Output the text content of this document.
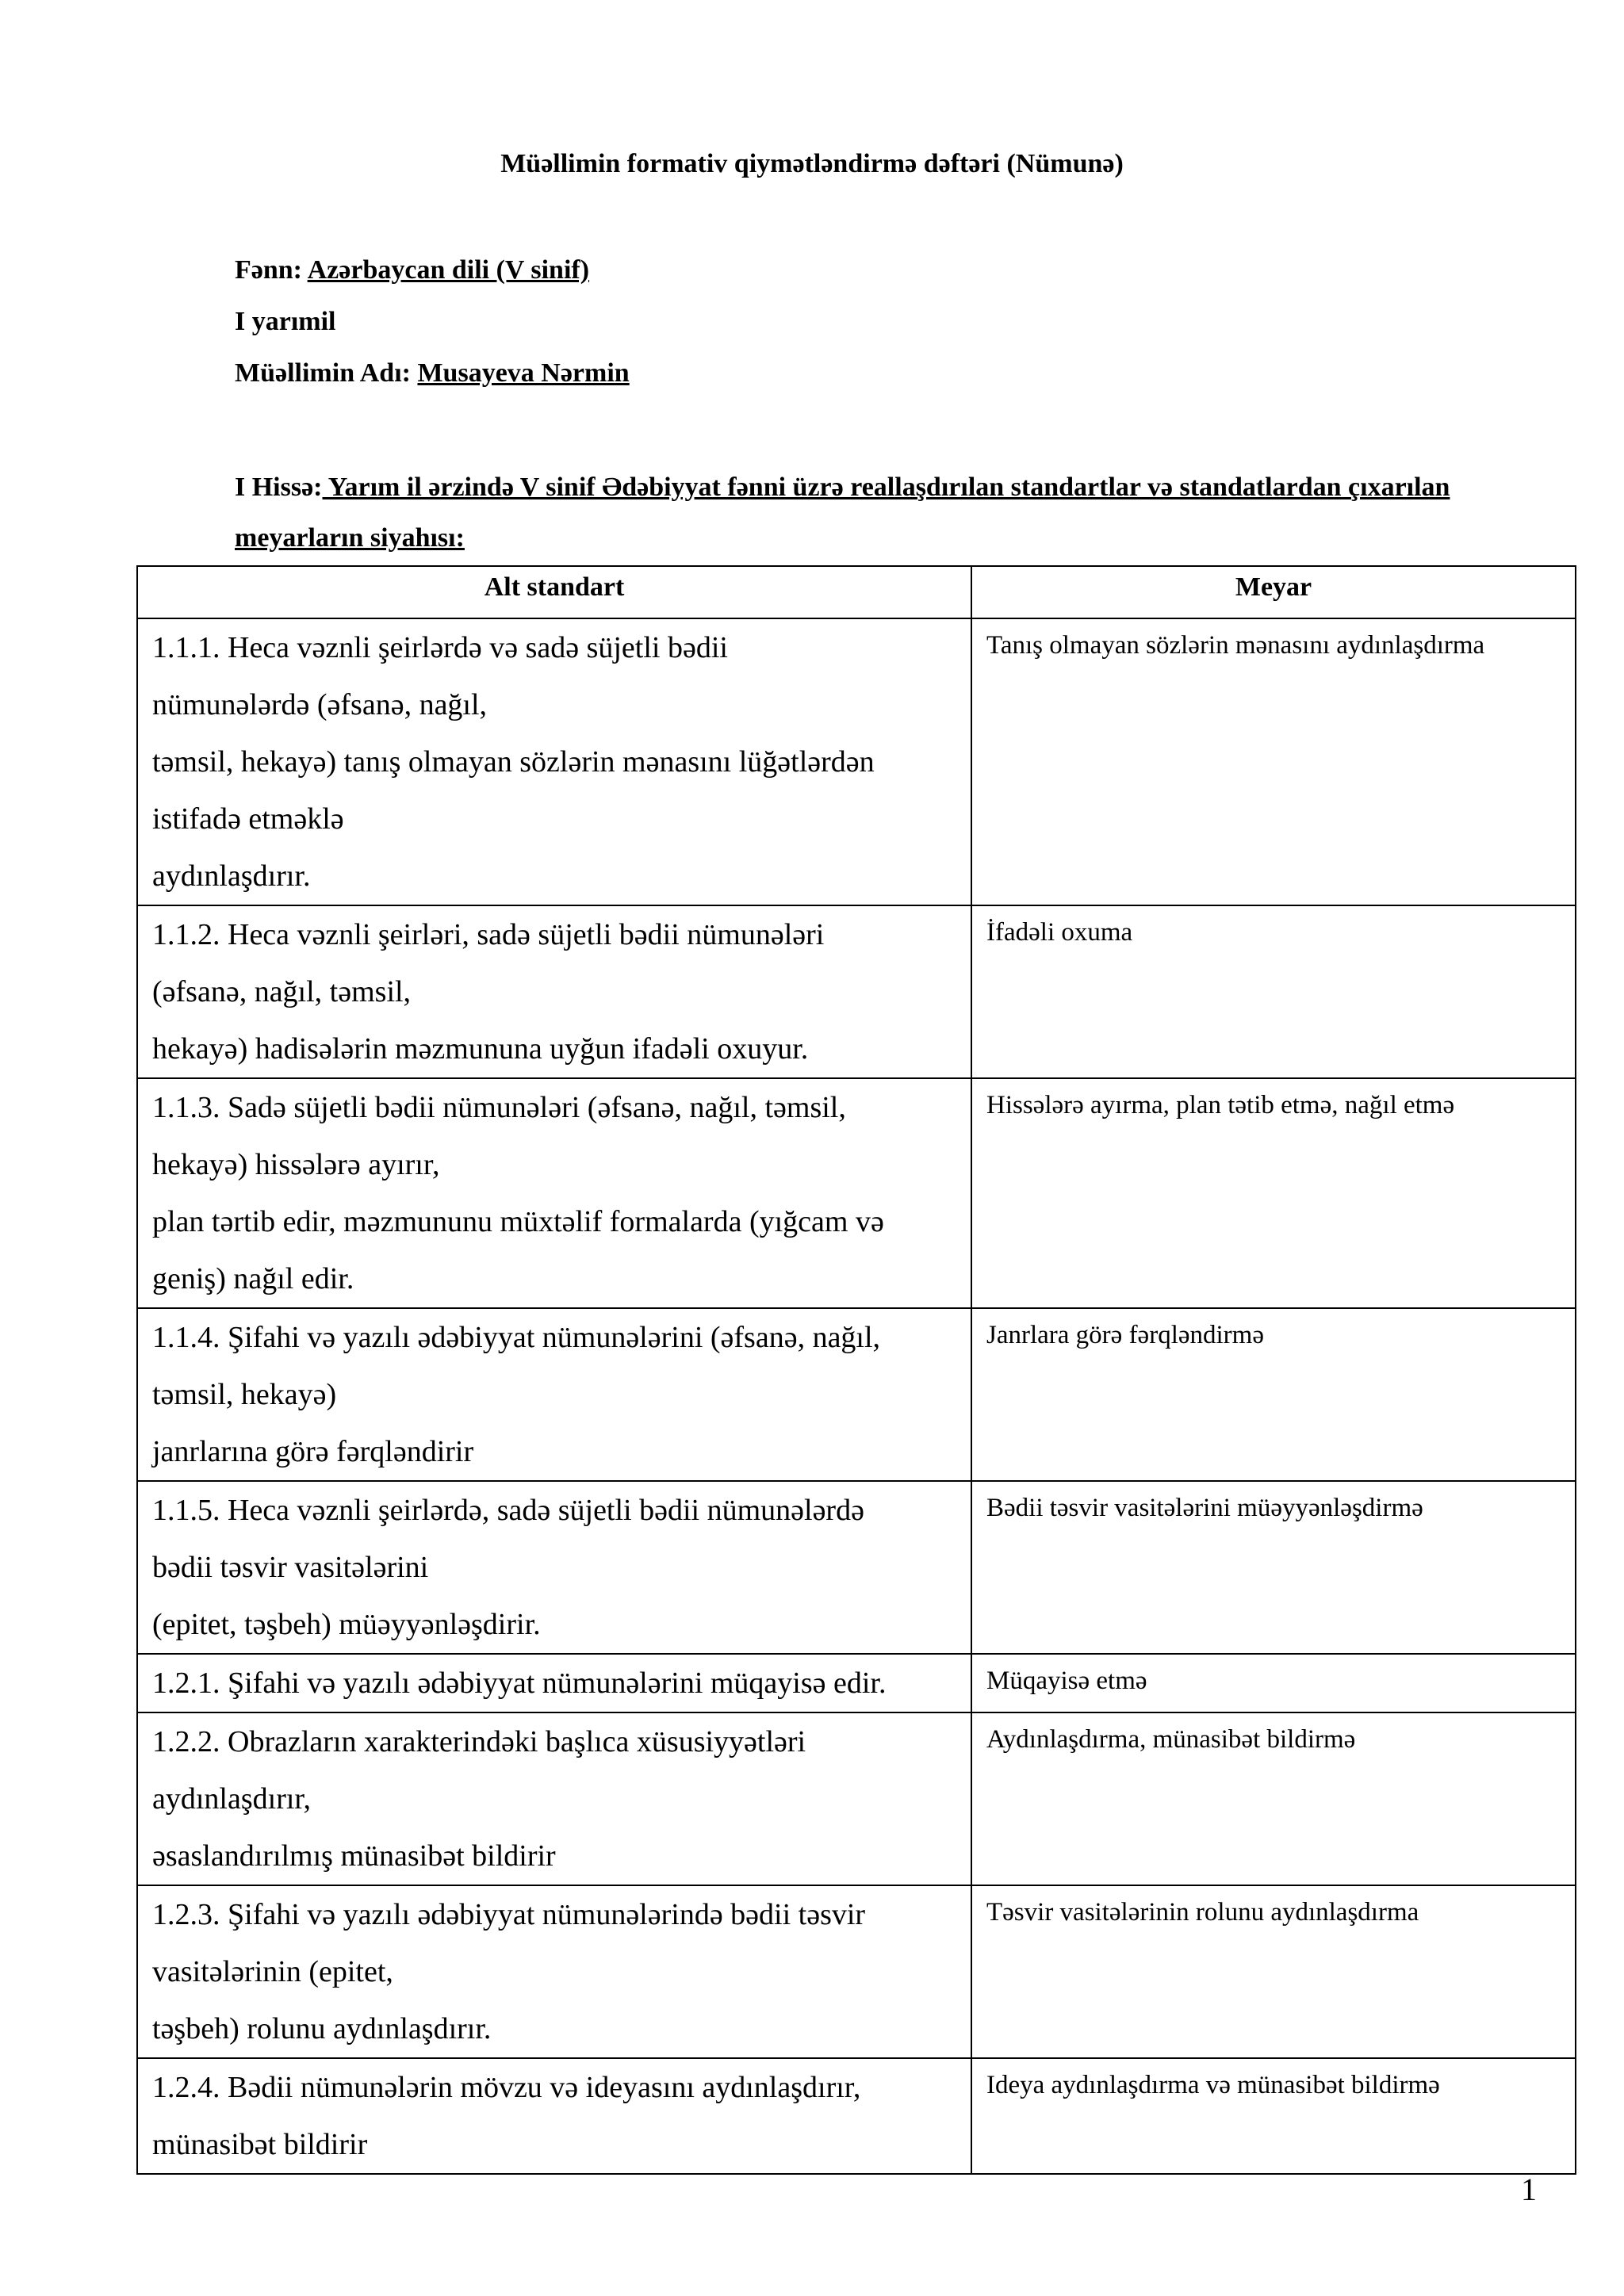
Müəllimin formativ qiymətləndirmə dəftəri (Nümunə)
Fənn: Azərbaycan dili (V sinif)
I yarımil
Müəllimin Adı: Musayeva Nərmin
I Hissə: Yarım il ərzində V sinif Ədəbiyyat fənni üzrə reallaşdırılan standartlar və standatlardan çıxarılan meyarların siyahısı:
Alt standart	Meyar

1.1.1. Heca vəznli şeirlərdə və sadə süjetli bədii
nümunələrdə (əfsanə, nağıl,
təmsil, hekayə) tanış olmayan sözlərin mənasını lüğətlərdən
istifadə etməklə
aydınlaşdırır.	Tanış olmayan sözlərin mənasını aydınlaşdırma

1.1.2. Heca vəznli şeirləri, sadə süjetli bədii nümunələri
(əfsanə, nağıl, təmsil,
hekayə) hadisələrin məzmununa uyğun ifadəli oxuyur.	İfadəli oxuma

1.1.3. Sadə süjetli bədii nümunələri (əfsanə, nağıl, təmsil,
hekayə) hissələrə ayırır,
plan tərtib edir, məzmununu müxtəlif formalarda (yığcam və
geniş) nağıl edir.	Hissələrə ayırma, plan tətib etmə, nağıl etmə

1.1.4. Şifahi və yazılı ədəbiyyat nümunələrini (əfsanə, nağıl,
təmsil, hekayə)
janrlarına görə fərqləndirir	Janrlara görə fərqləndirmə

1.1.5. Heca vəznli şeirlərdə, sadə süjetli bədii nümunələrdə
bədii təsvir vasitələrini
(epitet, təşbeh) müəyyənləşdirir.	Bədii təsvir vasitələrini müəyyənləşdirmə

1.2.1. Şifahi və yazılı ədəbiyyat nümunələrini müqayisə edir.	Müqayisə etmə

1.2.2. Obrazların xarakterindəki başlıca xüsusiyyətləri
aydınlaşdırır,
əsaslandırılmış münasibət bildirir	Aydınlaşdırma, münasibət bildirmə

1.2.3. Şifahi və yazılı ədəbiyyat nümunələrində bədii təsvir
vasitələrinin (epitet,
təşbeh) rolunu aydınlaşdırır.	Təsvir vasitələrinin rolunu aydınlaşdırma

1.2.4. Bədii nümunələrin mövzu və ideyasını aydınlaşdırır,
münasibət bildirir	Ideya aydınlaşdırma və münasibət bildirmə
1
